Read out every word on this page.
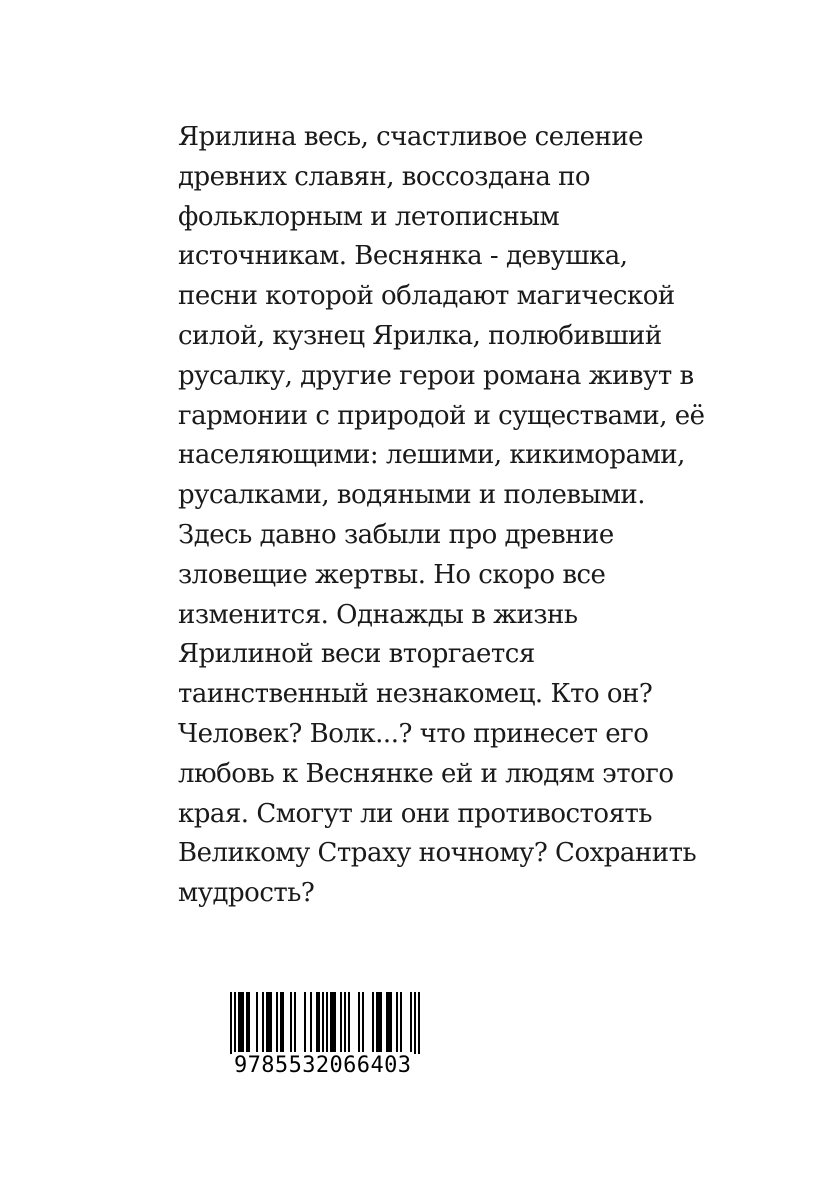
Ярилина весь, счастливое селение
древних славян, воссоздана по
фольклорным и летописным
источникам. Веснянка - девушка,
песни которой обладают магической
силой, кузнец Ярилка, полюбивший
русалку, другие герои романа живут в
гармонии с природой и существами, её
населяющими: лешими, кикиморами,
русалками, водяными и полевыми.
Здесь давно забыли про древние
зловещие жертвы. Но скоро все
изменится. Однажды в жизнь
Ярилиной веси вторгается
таинственный незнакомец. Кто он?
Человек? Волк...? что принесет его
любовь к Веснянке ей и людям этого
края. Смогут ли они противостоять
Великому Страху ночному? Сохранить
мудрость?
9785532066403
